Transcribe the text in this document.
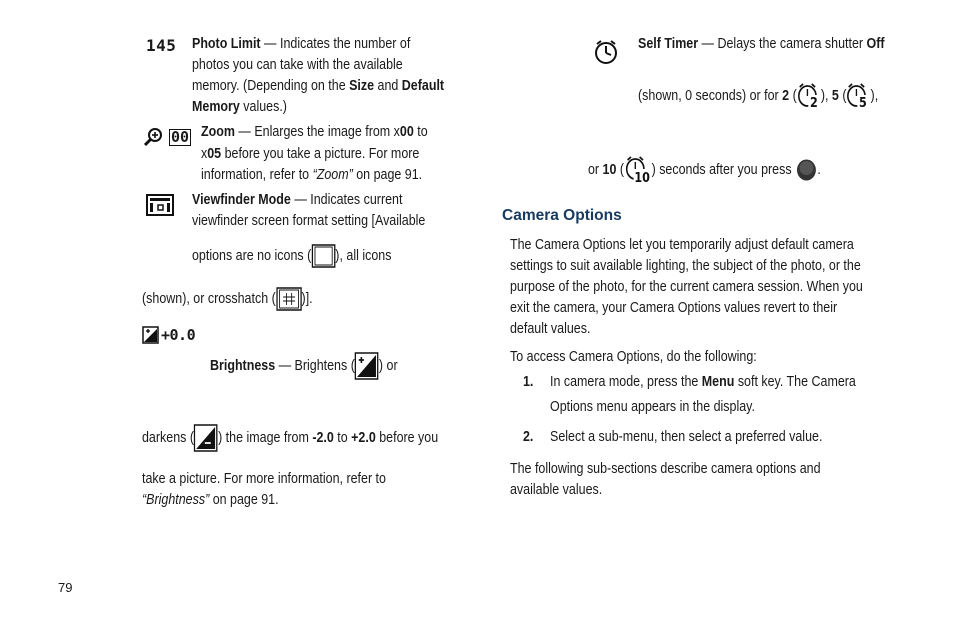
145 Photo Limit — Indicates the number of
photos you can take with the available
memory. (Depending on the Size and Default
Memory values.)
00 Zoom — Enlarges the image from x00 to
x05 before you take a picture. For more
information, refer to “Zoom” on page 91.
Viewfinder Mode — Indicates current
viewfinder screen format setting [Available
options are no icons ( ), all icons
(shown), or crosshatch ( )].
+0.0
Brightness — Brightens ( ) or
darkens ( ) the image from -2.0 to +2.0 before you
take a picture. For more information, refer to
“Brightness” on page 91.
79
Self Timer — Delays the camera shutter Off
(shown, 0 seconds) or for 2 ( 2 ), 5 ( 5 ),
or 10 ( 10 ) seconds after you press
.
Camera Options
The Camera Options let you temporarily adjust default camera
settings to suit available lighting, the subject of the photo, or the
purpose of the photo, for the current camera session. When you
exit the camera, your Camera Options values revert to their
default values.
To access Camera Options, do the following:
1. In camera mode, press the Menu soft key. The Camera
Options menu appears in the display.
2. Select a sub-menu, then select a preferred value.
The following sub-sections describe camera options and
available values.
